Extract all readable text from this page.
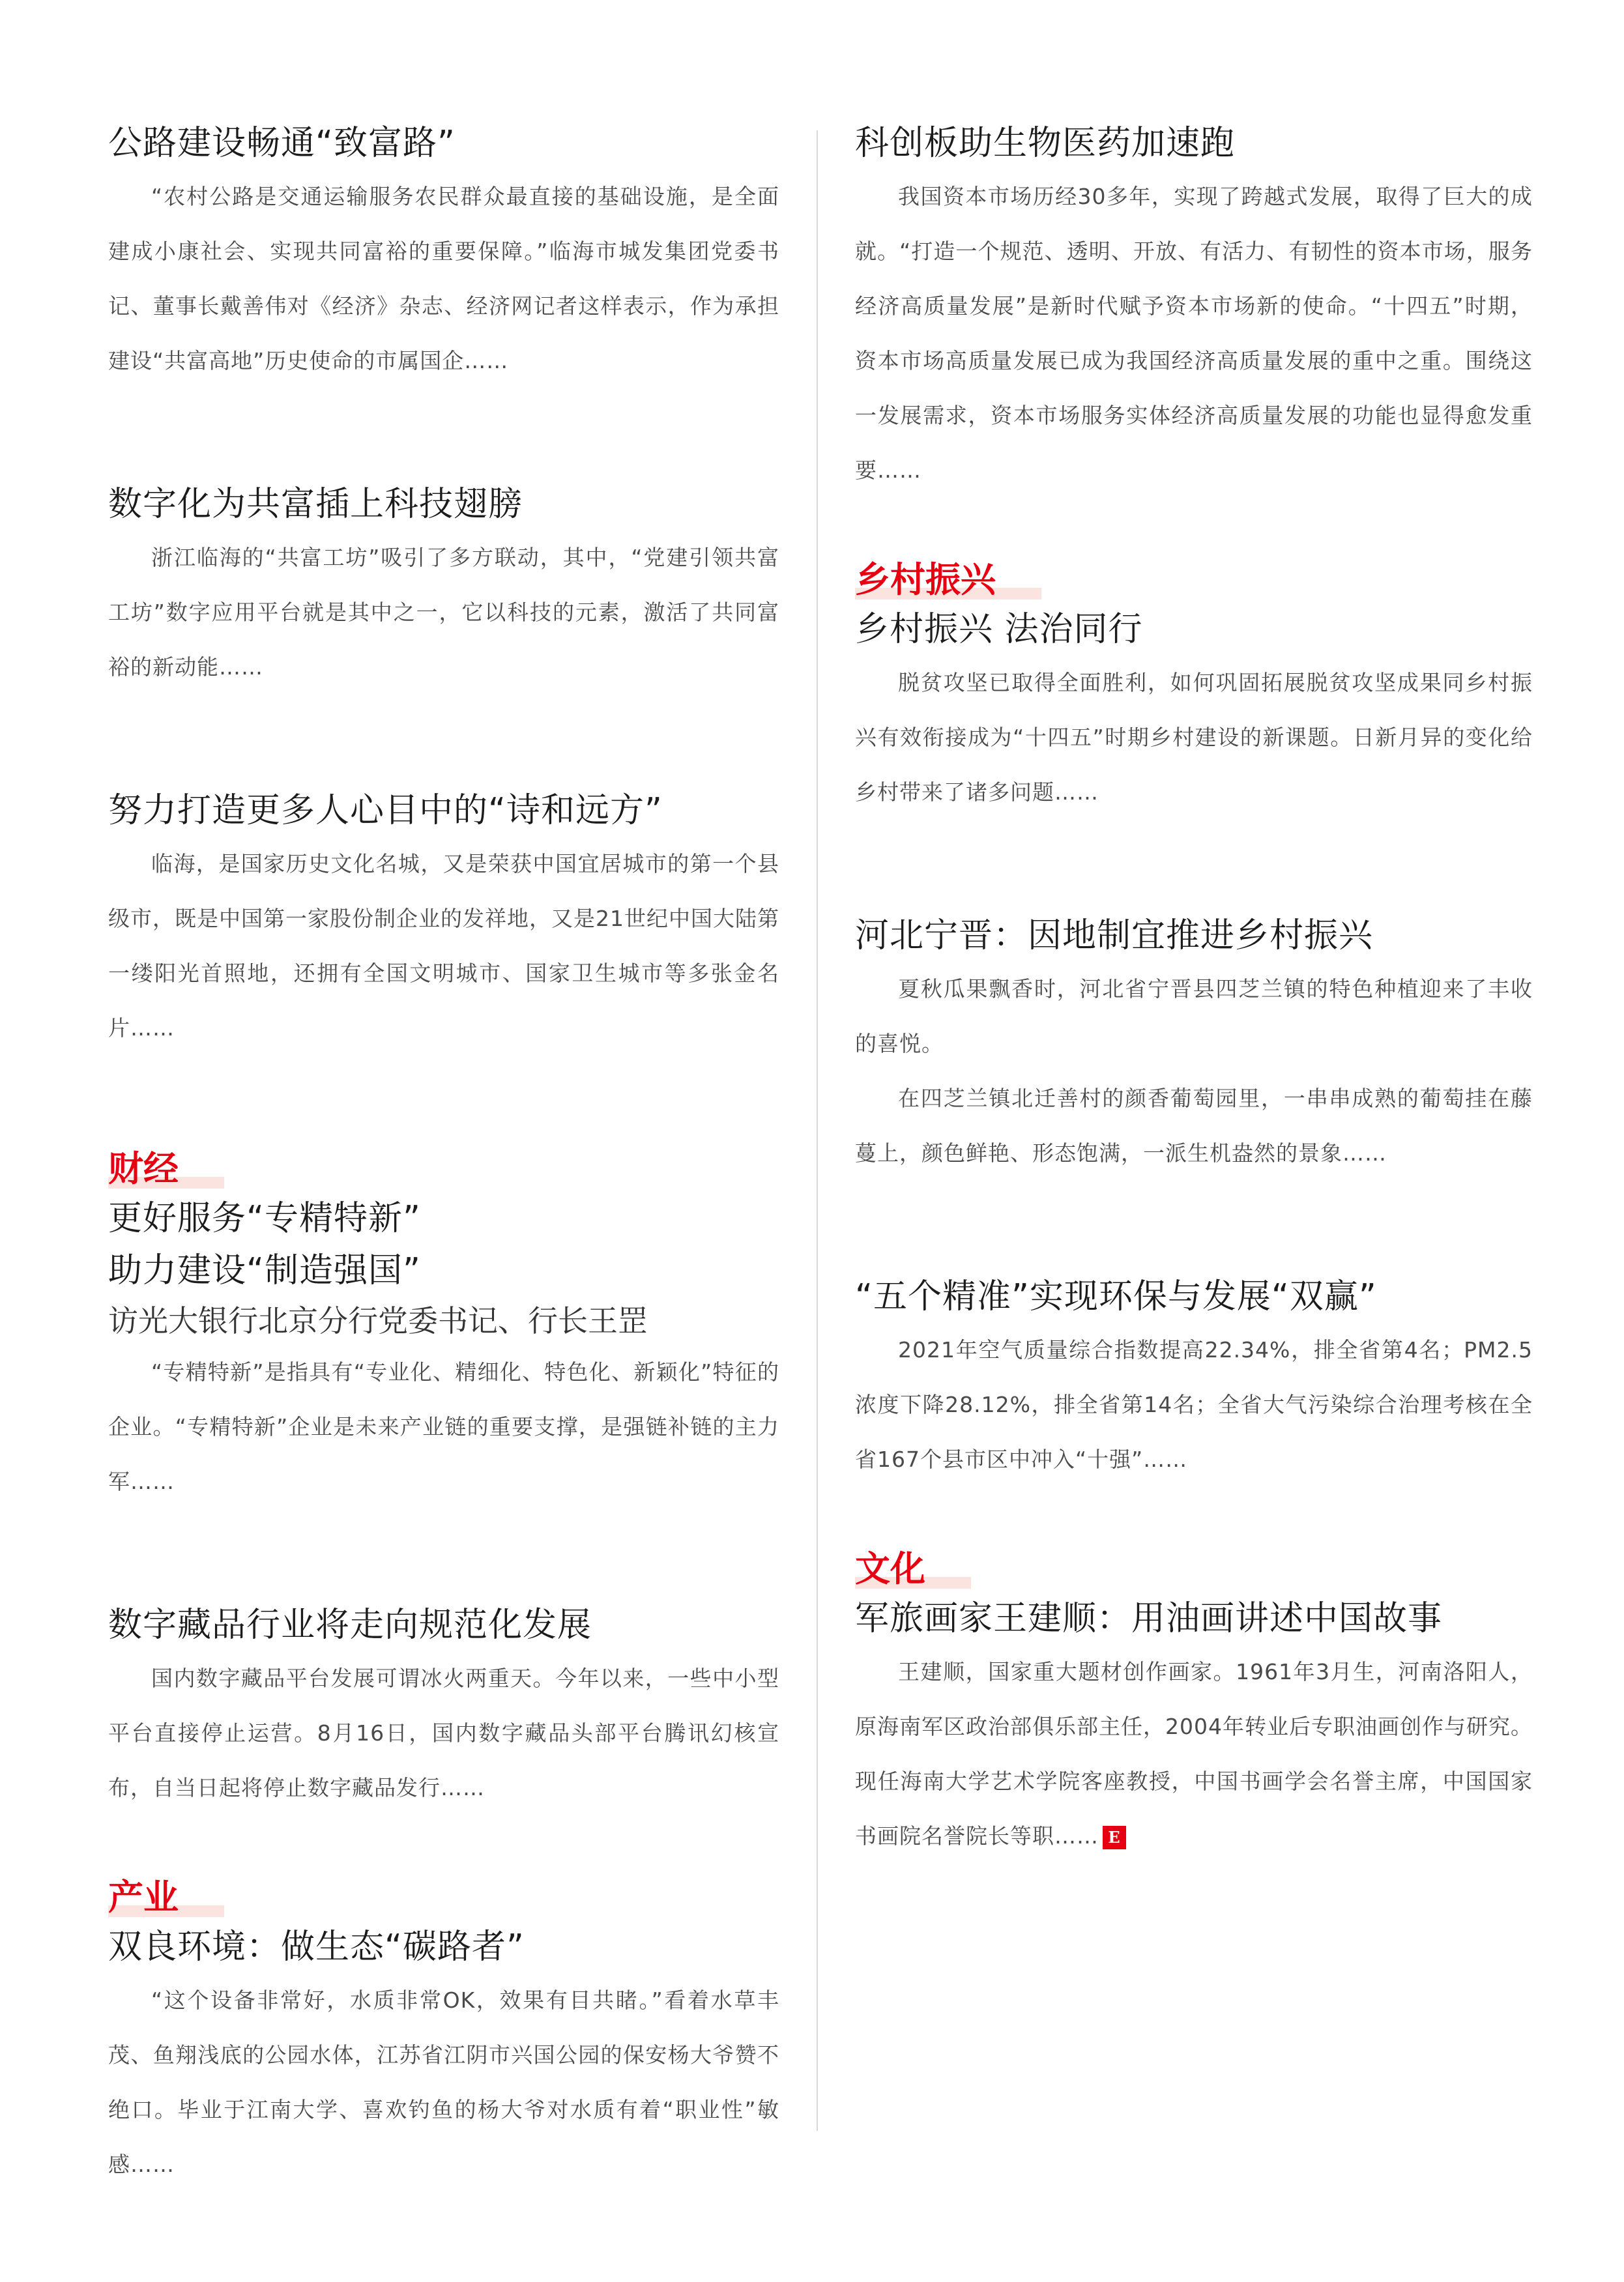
公路建设畅通“致富路”

“农村公路是交通运输服务农民群众最直接的基础设施，是全面建成小康社会、实现共同富裕的重要保障。”临海市城发集团党委书记、董事长戴善伟对《经济》杂志、经济网记者这样表示，作为承担建设“共富高地”历史使命的市属国企……

数字化为共富插上科技翅膀

浙江临海的“共富工坊”吸引了多方联动，其中，“党建引领共富工坊”数字应用平台就是其中之一，它以科技的元素，激活了共同富裕的新动能……

努力打造更多人心目中的“诗和远方”

临海，是国家历史文化名城，又是荣获中国宜居城市的第一个县级市，既是中国第一家股份制企业的发祥地，又是21世纪中国大陆第一缕阳光首照地，还拥有全国文明城市、国家卫生城市等多张金名片……

财经
更好服务“专精特新”
助力建设“制造强国”
访光大银行北京分行党委书记、行长王罡

“专精特新”是指具有“专业化、精细化、特色化、新颖化”特征的企业。“专精特新”企业是未来产业链的重要支撑，是强链补链的主力军……

数字藏品行业将走向规范化发展

国内数字藏品平台发展可谓冰火两重天。今年以来，一些中小型平台直接停止运营。8月16日，国内数字藏品头部平台腾讯幻核宣布，自当日起将停止数字藏品发行……

产业
双良环境：做生态“碳路者”

“这个设备非常好，水质非常OK，效果有目共睹。”看着水草丰茂、鱼翔浅底的公园水体，江苏省江阴市兴国公园的保安杨大爷赞不绝口。毕业于江南大学、喜欢钓鱼的杨大爷对水质有着“职业性”敏感……

科创板助生物医药加速跑

我国资本市场历经30多年，实现了跨越式发展，取得了巨大的成就。“打造一个规范、透明、开放、有活力、有韧性的资本市场，服务经济高质量发展”是新时代赋予资本市场新的使命。“十四五”时期，资本市场高质量发展已成为我国经济高质量发展的重中之重。围绕这一发展需求，资本市场服务实体经济高质量发展的功能也显得愈发重要……

乡村振兴
乡村振兴 法治同行

脱贫攻坚已取得全面胜利，如何巩固拓展脱贫攻坚成果同乡村振兴有效衔接成为“十四五”时期乡村建设的新课题。日新月异的变化给乡村带来了诸多问题……

河北宁晋：因地制宜推进乡村振兴

夏秋瓜果飘香时，河北省宁晋县四芝兰镇的特色种植迎来了丰收的喜悦。

在四芝兰镇北迁善村的颜香葡萄园里，一串串成熟的葡萄挂在藤蔓上，颜色鲜艳、形态饱满，一派生机盎然的景象……

“五个精准”实现环保与发展“双赢”

2021年空气质量综合指数提高22.34%，排全省第4名；PM2.5浓度下降28.12%，排全省第14名；全省大气污染综合治理考核在全省167个县市区中冲入“十强”……

文化
军旅画家王建顺：用油画讲述中国故事

王建顺，国家重大题材创作画家。1961年3月生，河南洛阳人，原海南军区政治部俱乐部主任，2004年转业后专职油画创作与研究。现任海南大学艺术学院客座教授，中国书画学会名誉主席，中国国家书画院名誉院长等职…… E
